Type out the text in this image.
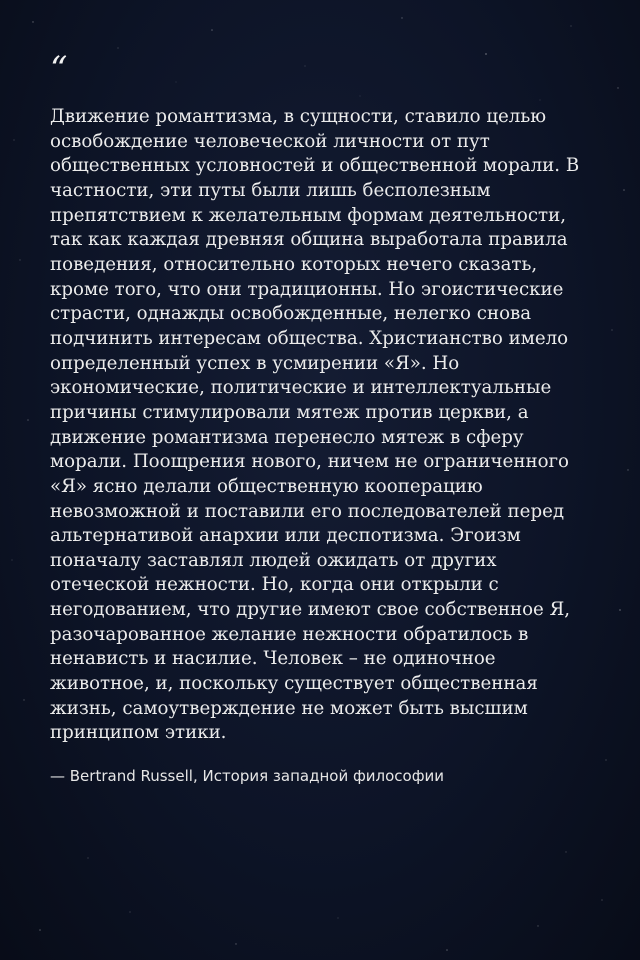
“

Движение романтизма, в сущности, ставило целью освобождение человеческой личности от пут общественных условностей и общественной морали. В частности, эти путы были лишь бесполезным препятствием к желательным формам деятельности, так как каждая древняя община выработала правила поведения, относительно которых нечего сказать, кроме того, что они традиционны. Но эгоистические страсти, однажды освобожденные, нелегко снова подчинить интересам общества. Христианство имело определенный успех в усмирении «Я». Но экономические, политические и интеллектуальные причины стимулировали мятеж против церкви, а движение романтизма перенесло мятеж в сферу морали. Поощрения нового, ничем не ограниченного «Я» ясно делали общественную кооперацию невозможной и поставили его последователей перед альтернативой анархии или деспотизма. Эгоизм поначалу заставлял людей ожидать от других отеческой нежности. Но, когда они открыли с негодованием, что другие имеют свое собственное Я, разочарованное желание нежности обратилось в ненависть и насилие. Человек – не одиночное животное, и, поскольку существует общественная жизнь, самоутверждение не может быть высшим принципом этики.

— Bertrand Russell, История западной философии
